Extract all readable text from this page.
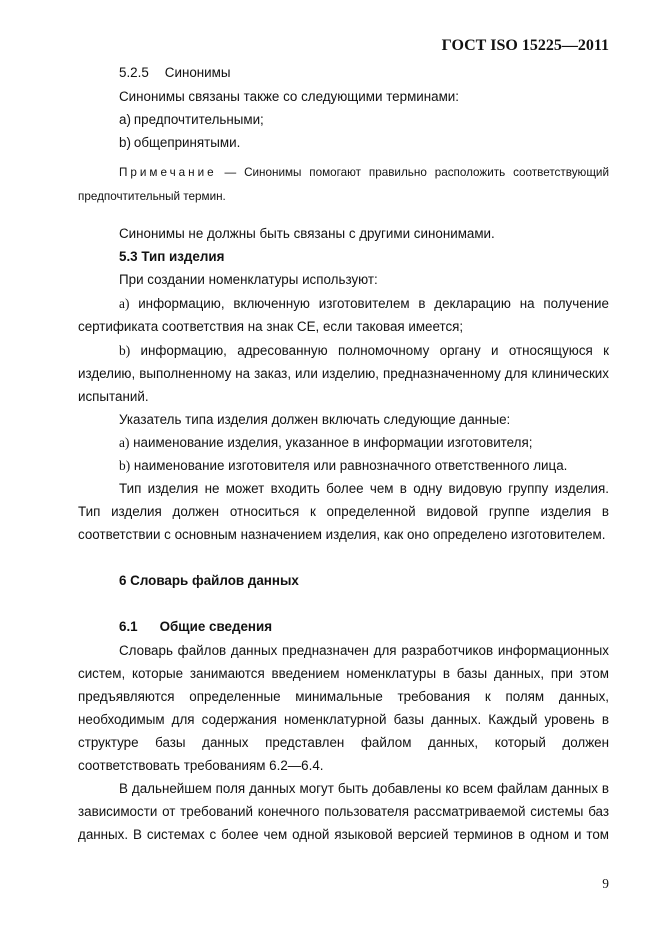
ГОСТ ISO 15225—2011
5.2.5 Синонимы
Синонимы связаны также со следующими терминами:
a) предпочтительными;
b) общепринятыми.
Примечание — Синонимы помогают правильно расположить соответствующий
предпочтительный термин.
Синонимы не должны быть связаны с другими синонимами.
5.3 Тип изделия
При создании номенклатуры используют:
a) информацию, включенную изготовителем в декларацию на получение
сертификата соответствия на знак CE, если таковая имеется;
b) информацию, адресованную полномочному органу и относящуюся к
изделию, выполненному на заказ, или изделию, предназначенному для клинических
испытаний.
Указатель типа изделия должен включать следующие данные:
a) наименование изделия, указанное в информации изготовителя;
b) наименование изготовителя или равнозначного ответственного лица.
Тип изделия не может входить более чем в одну видовую группу изделия.
Тип изделия должен относиться к определенной видовой группе изделия в
соответствии с основным назначением изделия, как оно определено изготовителем.
6 Словарь файлов данных
6.1 Общие сведения
Словарь файлов данных предназначен для разработчиков информационных
систем, которые занимаются введением номенклатуры в базы данных, при этом
предъявляются определенные минимальные требования к полям данных,
необходимым для содержания номенклатурной базы данных. Каждый уровень в
структуре базы данных представлен файлом данных, который должен
соответствовать требованиям 6.2—6.4.
В дальнейшем поля данных могут быть добавлены ко всем файлам данных в
зависимости от требований конечного пользователя рассматриваемой системы баз
данных. В системах с более чем одной языковой версией терминов в одном и том
9
